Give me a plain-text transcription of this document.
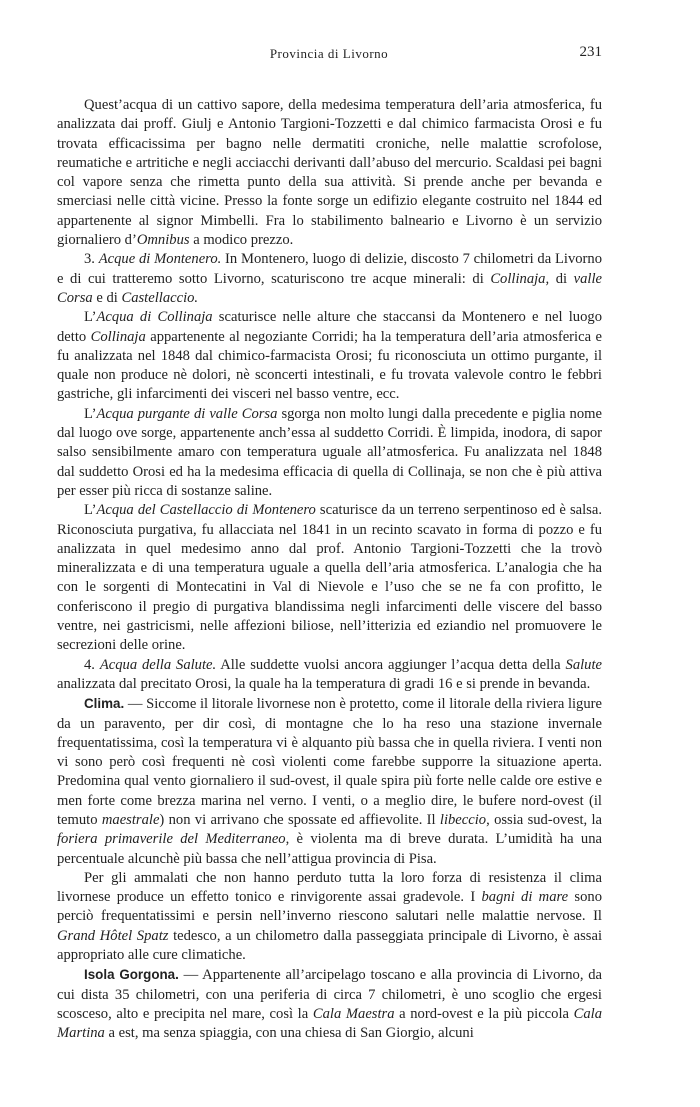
Provincia di Livorno	231

Quest’acqua di un cattivo sapore, della medesima temperatura dell’aria atmosferica, fu analizzata dai proff. Giulj e Antonio Targioni-Tozzetti e dal chimico farmacista Orosi e fu trovata efficacissima per bagno nelle dermatiti croniche, nelle malattie scrofolose, reumatiche e artritiche e negli acciacchi derivanti dall’abuso del mercurio. Scaldasi pei bagni col vapore senza che rimetta punto della sua attività. Si prende anche per bevanda e smerciasi nelle città vicine. Presso la fonte sorge un edifizio elegante costruito nel 1844 ed appartenente al signor Mimbelli. Fra lo stabilimento balneario e Livorno è un servizio giornaliero d’Omnibus a modico prezzo.

3. Acque di Montenero. In Montenero, luogo di delizie, discosto 7 chilometri da Livorno e di cui tratteremo sotto Livorno, scaturiscono tre acque minerali: di Collinaja, di valle Corsa e di Castellaccio.

L’Acqua di Collinaja scaturisce nelle alture che staccansi da Montenero e nel luogo detto Collinaja appartenente al negoziante Corridi; ha la temperatura dell’aria atmosferica e fu analizzata nel 1848 dal chimico-farmacista Orosi; fu riconosciuta un ottimo purgante, il quale non produce nè dolori, nè sconcerti intestinali, e fu trovata valevole contro le febbri gastriche, gli infarcimenti dei visceri nel basso ventre, ecc.

L’Acqua purgante di valle Corsa sgorga non molto lungi dalla precedente e piglia nome dal luogo ove sorge, appartenente anch’essa al suddetto Corridi. È limpida, inodora, di sapor salso sensibilmente amaro con temperatura uguale all’atmosferica. Fu analizzata nel 1848 dal suddetto Orosi ed ha la medesima efficacia di quella di Collinaja, se non che è più attiva per esser più ricca di sostanze saline.

L’Acqua del Castellaccio di Montenero scaturisce da un terreno serpentinoso ed è salsa. Riconosciuta purgativa, fu allacciata nel 1841 in un recinto scavato in forma di pozzo e fu analizzata in quel medesimo anno dal prof. Antonio Targioni-Tozzetti che la trovò mineralizzata e di una temperatura uguale a quella dell’aria atmosferica. L’analogia che ha con le sorgenti di Montecatini in Val di Nievole e l’uso che se ne fa con profitto, le conferiscono il pregio di purgativa blandissima negli infarcimenti delle viscere del basso ventre, nei gastricismi, nelle affezioni biliose, nell’itterizia ed eziandio nel promuovere le secrezioni delle orine.

4. Acqua della Salute. Alle suddette vuolsi ancora aggiunger l’acqua detta della Salute analizzata dal precitato Orosi, la quale ha la temperatura di gradi 16 e si prende in bevanda.

Clima. — Siccome il litorale livornese non è protetto, come il litorale della riviera ligure da un paravento, per dir così, di montagne che lo ha reso una stazione invernale frequentatissima, così la temperatura vi è alquanto più bassa che in quella riviera. I venti non vi sono però così frequenti nè così violenti come farebbe supporre la situazione aperta. Predomina qual vento giornaliero il sud-ovest, il quale spira più forte nelle calde ore estive e men forte come brezza marina nel verno. I venti, o a meglio dire, le bufere nord-ovest (il temuto maestrale) non vi arrivano che spossate ed affievolite. Il libeccio, ossia sud-ovest, la foriera primaverile del Mediterraneo, è violenta ma di breve durata. L’umidità ha una percentuale alcunchè più bassa che nell’attigua provincia di Pisa.

Per gli ammalati che non hanno perduto tutta la loro forza di resistenza il clima livornese produce un effetto tonico e rinvigorente assai gradevole. I bagni di mare sono perciò frequentatissimi e persin nell’inverno riescono salutari nelle malattie nervose. Il Grand Hôtel Spatz tedesco, a un chilometro dalla passeggiata principale di Livorno, è assai appropriato alle cure climatiche.

Isola Gorgona. — Appartenente all’arcipelago toscano e alla provincia di Livorno, da cui dista 35 chilometri, con una periferia di circa 7 chilometri, è uno scoglio che ergesi scosceso, alto e precipita nel mare, così la Cala Maestra a nord-ovest e la più piccola Cala Martina a est, ma senza spiaggia, con una chiesa di San Giorgio, alcuni
